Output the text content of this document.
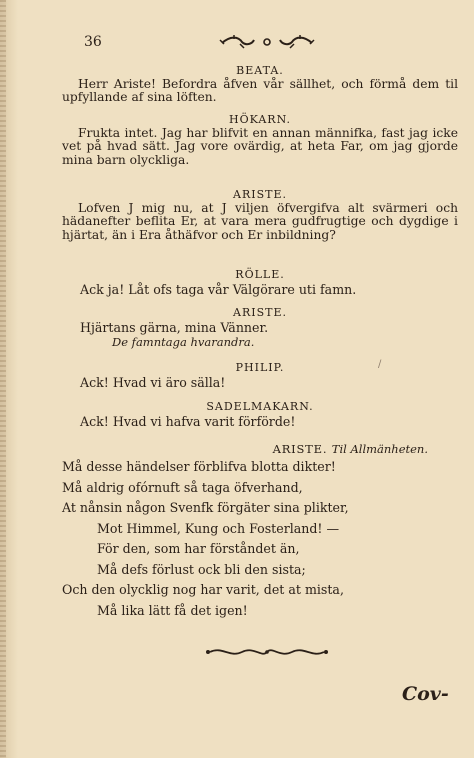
36
BEATA.
Herr Ariste! Befordra åfven vår sällhet, och förmå dem til upfyllande af sina löften.
HÖKARN.
Frukta intet. Jag har blifvit en annan männifka, fast jag icke vet på hvad sätt. Jag vore ovärdig, at heta Far, om jag gjorde mina barn olyckliga.
ARISTE.
Lofven J mig nu, at J viljen öfvergifva alt svärmeri och hädanefter beflita Er, at vara mera gudfrugtige och dygdige i hjärtat, än i Era åthäfvor och Er inbildning?
RÖLLE.
Ack ja! Låt ofs taga vår Välgörare uti famn.
ARISTE.
Hjärtans gärna, mina Vänner.
De famntaga hvarandra.
PHILIP.
Ack! Hvad vi äro sälla!
SADELMAKARN.
Ack! Hvad vi hafva varit förförde!
ARISTE. Til Allmänheten.
Må desse händelser förblifva blotta dikter!
Må aldrig ofórnuft så taga öfverhand,
At nånsin någon Svenfk förgäter sina plikter,
Mot Himmel, Kung och Fosterland! —
För den, som har förståndet än,
Må defs förlust ock bli den sista;
Och den olycklig nog har varit, det at mista,
Må lika lätt få det igen!
/
Cov-
